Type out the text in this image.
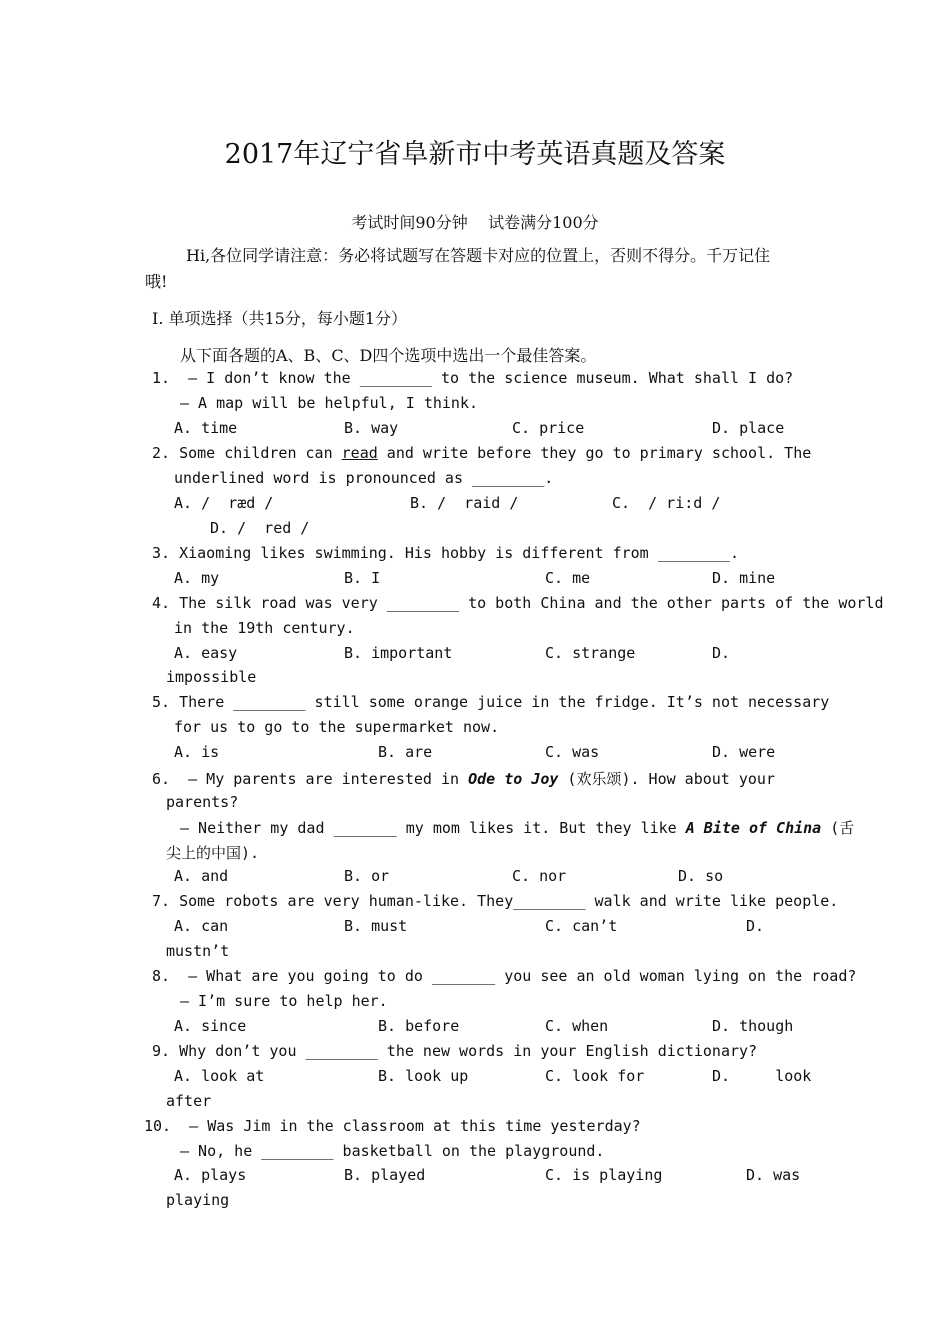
2017年辽宁省阜新市中考英语真题及答案
考试时间90分钟    试卷满分100分
Hi,各位同学请注意：务必将试题写在答题卡对应的位置上，否则不得分。千万记住
哦!
Ⅰ. 单项选择（共15分，每小题1分）
从下面各题的A、B、C、D四个选项中选出一个最佳答案。
1.  – I don’t know the ________ to the science museum. What shall I do?
– A map will be helpful, I think.
A. time	B. way	C. price	D. place
2. Some children can read and write before they go to primary school. The
underlined word is pronounced as ________.
A. /  ræd /	B. /  raid /	C.  / ri:d /
D. /  red /
3. Xiaoming likes swimming. His hobby is different from ________.
A. my	B. I	C. me	D. mine
4. The silk road was very ________ to both China and the other parts of the world
in the 19th century.
A. easy	B. important	C. strange	D.
impossible
5. There ________ still some orange juice in the fridge. It’s not necessary
for us to go to the supermarket now.
A. is	B. are	C. was	D. were
6.  – My parents are interested in Ode to Joy (欢乐颂). How about your
parents?
– Neither my dad _______ my mom likes it. But they like A Bite of China (舌
尖上的中国).
A. and	B. or	C. nor	D. so
7. Some robots are very human-like. They________ walk and write like people.
A. can	B. must	C. can’t	D.
mustn’t
8.  – What are you going to do _______ you see an old woman lying on the road?
– I’m sure to help her.
A. since	B. before	C. when	D. though
9. Why don’t you ________ the new words in your English dictionary?
A. look at	B. look up	C. look for	D.     look
after
10.  – Was Jim in the classroom at this time yesterday?
– No, he ________ basketball on the playground.
A. plays	B. played	C. is playing	D. was
playing
